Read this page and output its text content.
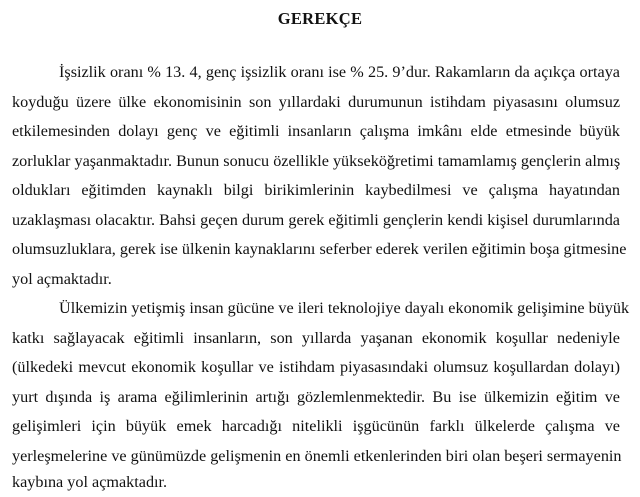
GEREKÇE
İşsizlik oranı % 13. 4, genç işsizlik oranı ise % 25. 9’dur. Rakamların da açıkça ortaya
koyduğu üzere ülke ekonomisinin son yıllardaki durumunun istihdam piyasasını olumsuz
etkilemesinden dolayı genç ve eğitimli insanların çalışma imkânı elde etmesinde büyük
zorluklar yaşanmaktadır. Bunun sonucu özellikle yükseköğretimi tamamlamış gençlerin almış
oldukları eğitimden kaynaklı bilgi birikimlerinin kaybedilmesi ve çalışma hayatından
uzaklaşması olacaktır. Bahsi geçen durum gerek eğitimli gençlerin kendi kişisel durumlarında
olumsuzluklara, gerek ise ülkenin kaynaklarını seferber ederek verilen eğitimin boşa gitmesine
yol açmaktadır.
Ülkemizin yetişmiş insan gücüne ve ileri teknolojiye dayalı ekonomik gelişimine büyük
katkı sağlayacak eğitimli insanların, son yıllarda yaşanan ekonomik koşullar nedeniyle
(ülkedeki mevcut ekonomik koşullar ve istihdam piyasasındaki olumsuz koşullardan dolayı)
yurt dışında iş arama eğilimlerinin artığı gözlemlenmektedir. Bu ise ülkemizin eğitim ve
gelişimleri için büyük emek harcadığı nitelikli işgücünün farklı ülkelerde çalışma ve
yerleşmelerine ve günümüzde gelişmenin en önemli etkenlerinden biri olan beşeri sermayenin
kaybına yol açmaktadır.
